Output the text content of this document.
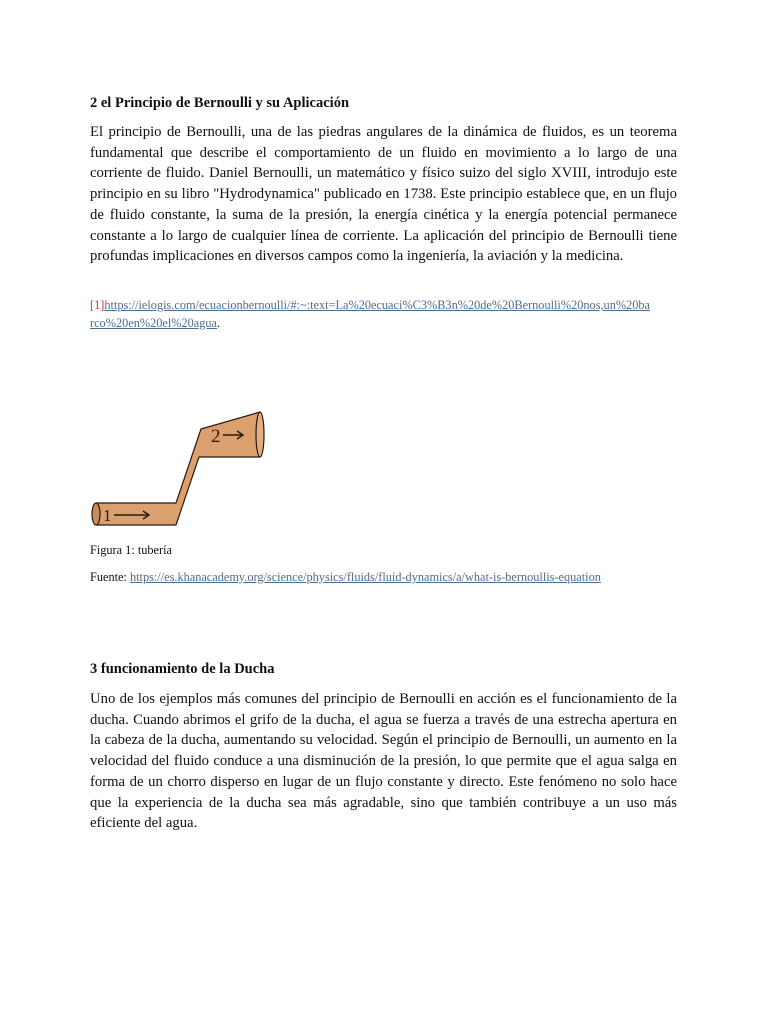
2 el Principio de Bernoulli y su Aplicación

El principio de Bernoulli, una de las piedras angulares de la dinámica de fluidos, es un teorema fundamental que describe el comportamiento de un fluido en movimiento a lo largo de una corriente de fluido. Daniel Bernoulli, un matemático y físico suizo del siglo XVIII, introdujo este principio en su libro "Hydrodynamica" publicado en 1738. Este principio establece que, en un flujo de fluido constante, la suma de la presión, la energía cinética y la energía potencial permanece constante a lo largo de cualquier línea de corriente. La aplicación del principio de Bernoulli tiene profundas implicaciones en diversos campos como la ingeniería, la aviación y la medicina.

[1]https://ielogis.com/ecuacionbernoulli/#:~:text=La%20ecuaci%C3%B3n%20de%20Bernoulli%20nos,un%20barco%20en%20el%20agua.
1
2
Figura 1: tubería
Fuente: https://es.khanacademy.org/science/physics/fluids/fluid-dynamics/a/what-is-bernoullis-equation
3 funcionamiento de la Ducha

Uno de los ejemplos más comunes del principio de Bernoulli en acción es el funcionamiento de la ducha. Cuando abrimos el grifo de la ducha, el agua se fuerza a través de una estrecha apertura en la cabeza de la ducha, aumentando su velocidad. Según el principio de Bernoulli, un aumento en la velocidad del fluido conduce a una disminución de la presión, lo que permite que el agua salga en forma de un chorro disperso en lugar de un flujo constante y directo. Este fenómeno no solo hace que la experiencia de la ducha sea más agradable, sino que también contribuye a un uso más eficiente del agua.
